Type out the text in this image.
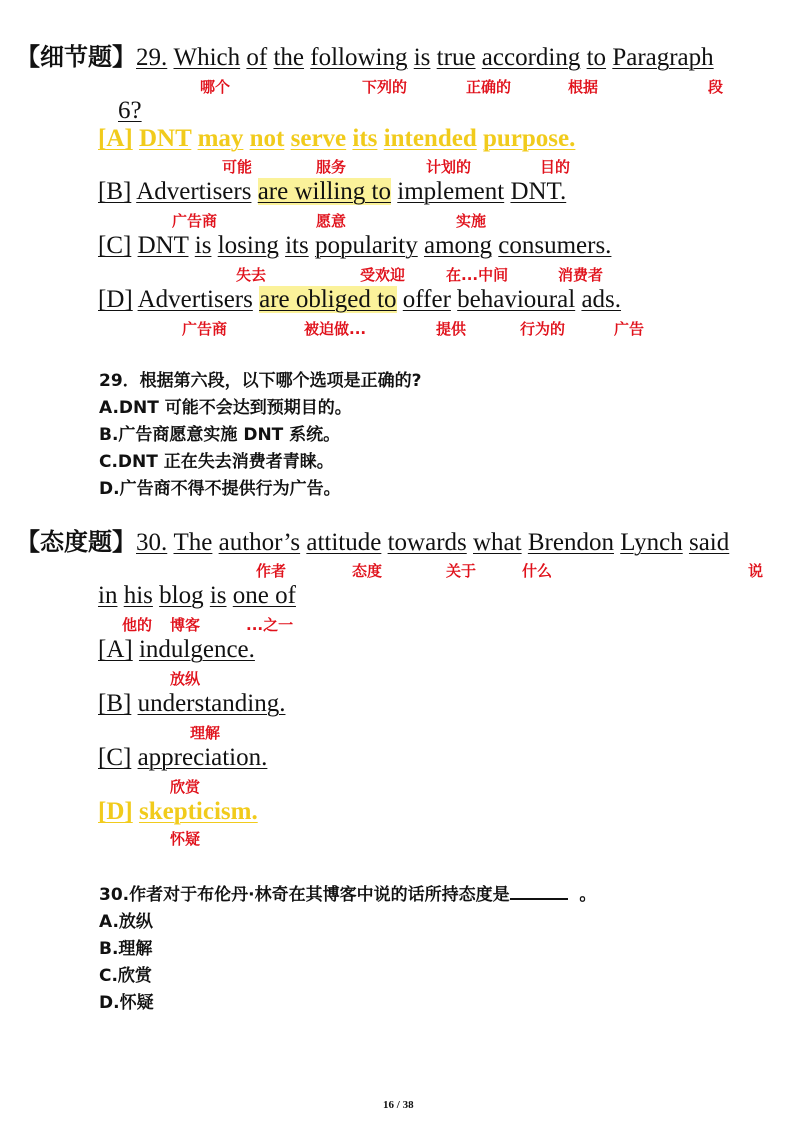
【细节题】29. Which of the following is true according to Paragraph
哪个	下列的	正确的	根据	段
6?
[A] DNT may not serve its intended purpose.
可能	服务	计划的	目的
[B] Advertisers are willing to implement DNT.
广告商	愿意	实施
[C] DNT is losing its popularity among consumers.
失去	受欢迎	在...中间	消费者
[D] Advertisers are obliged to offer behavioural ads.
广告商	被迫做...	提供	行为的	广告
29．根据第六段，以下哪个选项是正确的?
A.DNT 可能不会达到预期目的。
B.广告商愿意实施 DNT 系统。
C.DNT 正在失去消费者青睐。
D.广告商不得不提供行为广告。
【态度题】30. The author’s attitude towards what Brendon Lynch said
作者	态度	关于	什么	说
in his blog is one of
他的 博客	...之一
[A] indulgence.
放纵
[B] understanding.
理解
[C] appreciation.
欣赏
[D] skepticism.
怀疑
30.作者对于布伦丹·林奇在其博客中说的话所持态度是	。
A.放纵
B.理解
C.欣赏
D.怀疑
16 / 38
